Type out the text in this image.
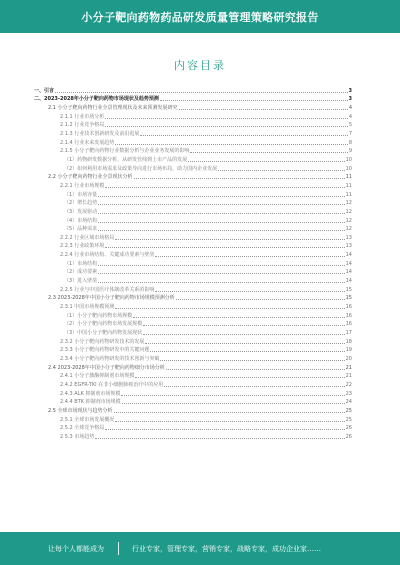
小分子靶向药物药品研发质量管理策略研究报告
内容目录
一、引言	3
二、2023-2028年小分子靶向药物市场现状及趋势预测	3
2.1 小分子靶向药物行业全景管理现状及未来预测发展研究	4
2.1.1 行业市场分析	4
2.1.2 行业竞争格局	5
2.1.3 行业技术创新研发及前沿进展	7
2.1.4 行业未来发展趋势	8
2.1.5 小分子靶向药物行业数据分析与企业业务发展的影响	9
（1）药物研发数据分析，从研发管线到上市产品的发展	10
（2）如何利用市场需求及政策导向进行市场布局，助力国内企业发展	10
2.2 小分子靶向药物行业全景现状分析	11
2.2.1 行业市场规模	11
（1）市场容量	11
（2）增长趋势	12
（3）发展驱动	12
（4）市场结构	12
（5）品种需求	12
2.2.2 行业区域市场格局	13
2.2.3 行业政策环境	13
2.2.4 行业市场结构、关键成功要素与壁垒	14
（1）市场结构	14
（2）成功要素	14
（3）进入壁垒	14
2.2.5 行业与中国医疗体制改革关系的影响	15
2.3 2023-2028年中国小分子靶向药物市场规模预测分析	15
2.3.1 中国市场规模预测	16
（1）小分子靶向药物市场规模	16
（2）小分子靶向药物市场发展规模	16
（3）中国小分子靶向药物发展现状	17
2.3.2 小分子靶向药物研发技术的发展	18
2.3.3 小分子靶向药物研发中的关键问题	19
2.3.4 小分子靶向药物研发的技术创新与突破	20
2.4 2023-2028年中国小分子靶向药物细分市场分析	21
2.4.1 小分子激酶抑制剂市场规模	21
2.4.2 EGFR-TKI 在非小细胞肺癌治疗中的应用	22
2.4.3 ALK 抑制剂市场规模	23
2.4.4 BTK 抑制剂市场规模	24
2.5 全球市场现状与趋势分析	25
2.5.1 全球市场发展概况	25
2.5.2 全球竞争格局	26
2.5.3 市场趋势	26
让每个人都能成为	行业专家，管理专家，营销专家，战略专家，成功企业家……
